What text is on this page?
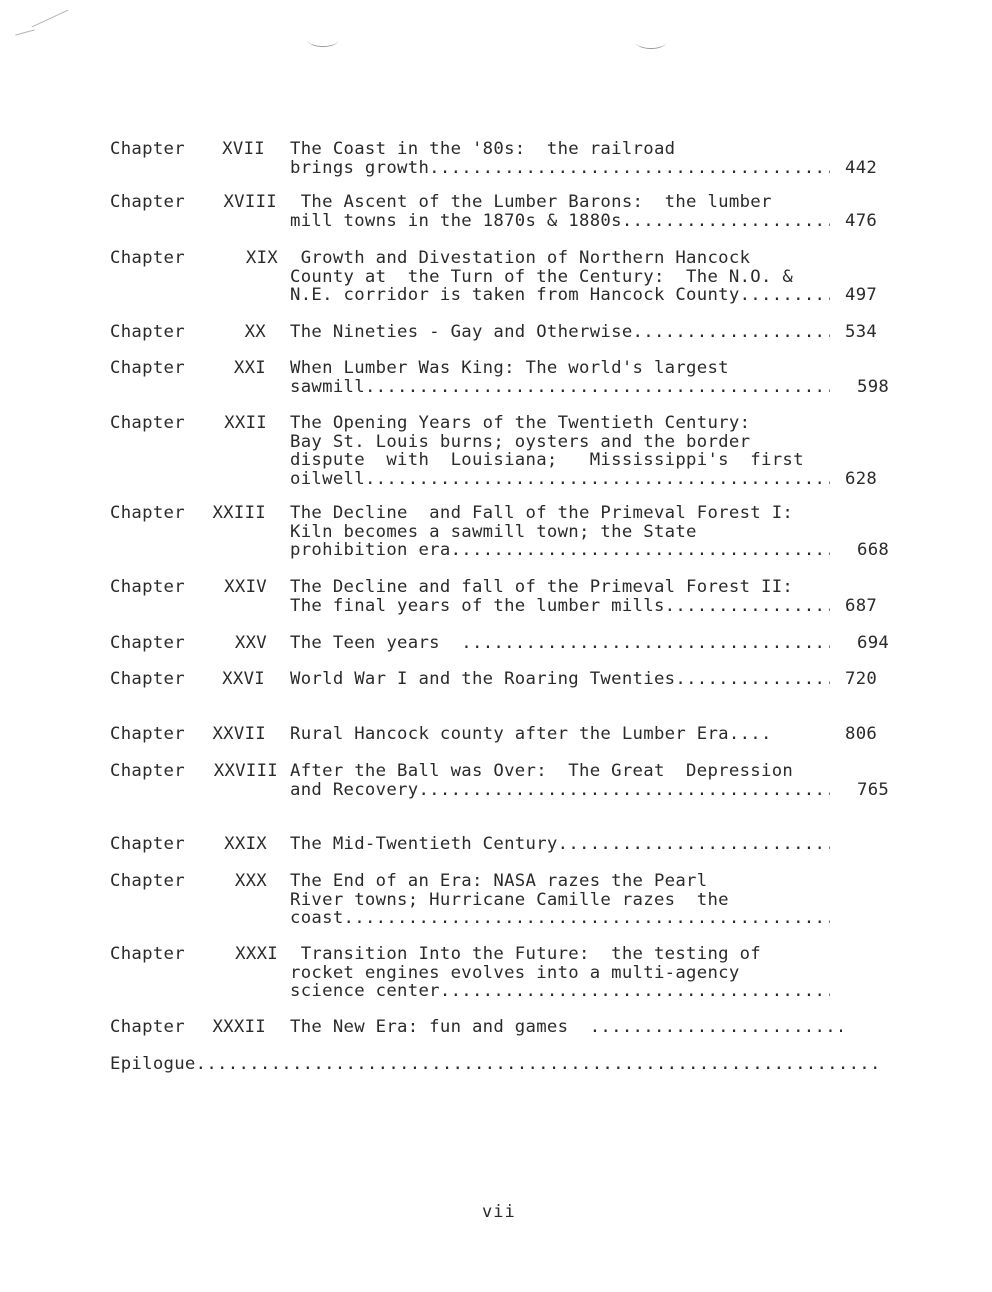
Chapter	XVII The Coast in the '80s:  the railroad
brings growth .....	442
Chapter	XVIII The Ascent of the Lumber Barons:  the lumber
mill towns in the 1870s & 1880s .....	476
Chapter	XIX Growth and Divestation of Northern Hancock
County at  the Turn of the Century:  The N.O. &
N.E. corridor is taken from Hancock County... .....	497
Chapter	XX The Nineties - Gay and Otherwise .....	534
Chapter	XXI When Lumber Was King: The world's largest
sawmill .....	598
Chapter	XXII The Opening Years of the Twentieth Century:
Bay St. Louis burns; oysters and the border
dispute  with  Louisiana;   Mississippi's  first
oilwell .....	628
Chapter	XXIII The Decline  and Fall of the Primeval Forest I:
Kiln becomes a sawmill town; the State
prohibition era .....	668
Chapter	XXIV The Decline and fall of the Primeval Forest II:
The final years of the lumber mills .....	687
Chapter	XXV The Teen years .....	694
Chapter	XXVI World War I and the Roaring Twenties .....	720
Chapter	XXVII Rural Hancock county after the Lumber Era....	806
Chapter	XXVIII After the Ball was Over:  The Great  Depression
and Recovery .....	765
Chapter	XXIX The Mid-Twentieth Century
.....
Chapter	XXX The End of an Era: NASA razes the Pearl
River towns; Hurricane Camille razes  the
coast
.....
Chapter	XXXI Transition Into the Future:  the testing of
rocket engines evolves into a multi-agency
science center
.....
Chapter	XXXII The New Era: fun and games
.....
Epilogue
.....
vii
